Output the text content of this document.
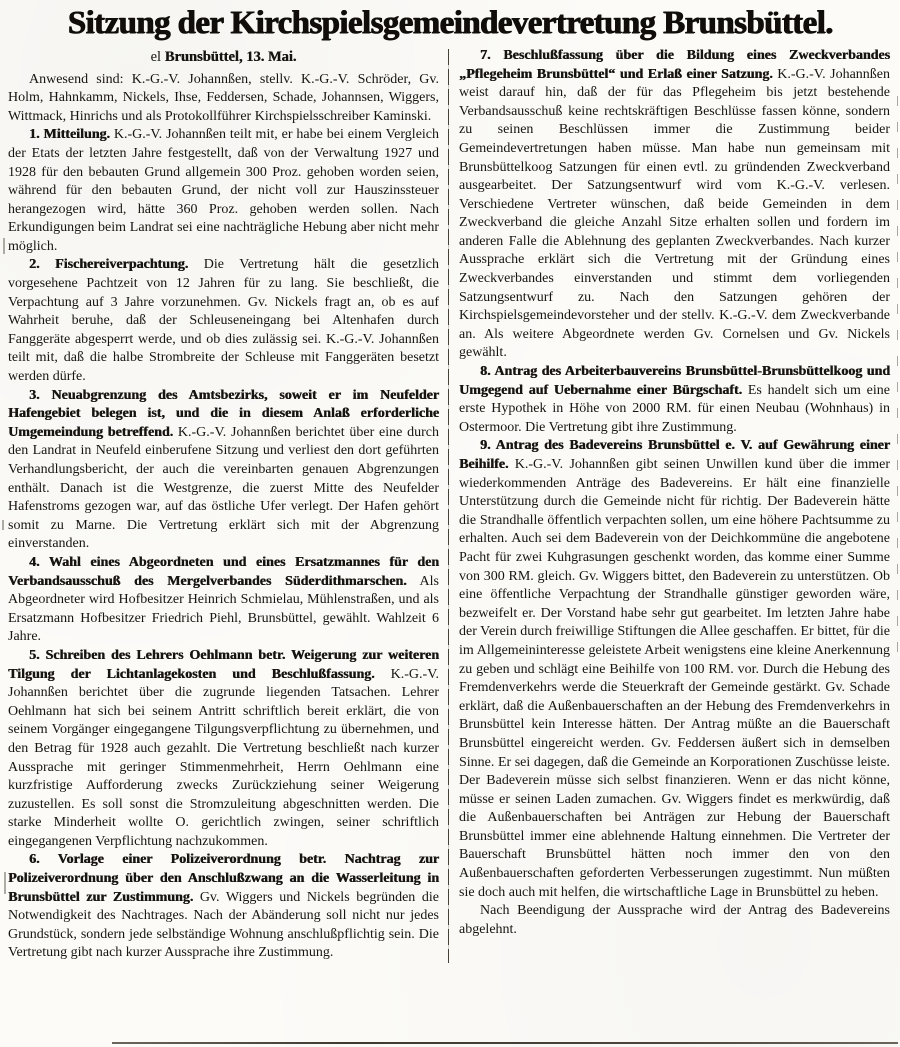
Sitzung der Kirchspielsgemeindevertretung Brunsbüttel.

el Brunsbüttel, 13. Mai.

Anwesend sind: K.-G.-V. Johannßen, stellv. K.-G.-V. Schröder, Gv. Holm, Hahnkamm, Nickels, Ihse, Feddersen, Schade, Johannsen, Wiggers, Wittmack, Hinrichs und als Protokollführer Kirchspielsschreiber Kaminski.

1. Mitteilung. K.-G.-V. Johannßen teilt mit, er habe bei einem Vergleich der Etats der letzten Jahre festgestellt, daß von der Verwaltung 1927 und 1928 für den bebauten Grund allgemein 300 Proz. gehoben worden seien, während für den bebauten Grund, der nicht voll zur Hauszinssteuer herangezogen wird, hätte 360 Proz. gehoben werden sollen. Nach Erkundigungen beim Landrat sei eine nachträgliche Hebung aber nicht mehr möglich.

2. Fischereiverpachtung. Die Vertretung hält die gesetzlich vorgesehene Pachtzeit von 12 Jahren für zu lang. Sie beschließt, die Verpachtung auf 3 Jahre vorzunehmen. Gv. Nickels fragt an, ob es auf Wahrheit beruhe, daß der Schleuseneingang bei Altenhafen durch Fanggeräte abgesperrt werde, und ob dies zulässig sei. K.-G.-V. Johannßen teilt mit, daß die halbe Strombreite der Schleuse mit Fanggeräten besetzt werden dürfe.

3. Neuabgrenzung des Amtsbezirks, soweit er im Neufelder Hafengebiet belegen ist, und die in diesem Anlaß erforderliche Umgemeindung betreffend. K.-G.-V. Johannßen berichtet über eine durch den Landrat in Neufeld einberufene Sitzung und verliest den dort geführten Verhandlungsbericht, der auch die vereinbarten genauen Abgrenzungen enthält. Danach ist die Westgrenze, die zuerst Mitte des Neufelder Hafenstroms gezogen war, auf das östliche Ufer verlegt. Der Hafen gehört somit zu Marne. Die Vertretung erklärt sich mit der Abgrenzung einverstanden.

4. Wahl eines Abgeordneten und eines Ersatzmannes für den Verbandsausschuß des Mergelverbandes Süderdithmarschen. Als Abgeordneter wird Hofbesitzer Heinrich Schmielau, Mühlenstraßen, und als Ersatzmann Hofbesitzer Friedrich Piehl, Brunsbüttel, gewählt. Wahlzeit 6 Jahre.

5. Schreiben des Lehrers Oehlmann betr. Weigerung zur weiteren Tilgung der Lichtanlagekosten und Beschlußfassung. K.-G.-V. Johannßen berichtet über die zugrunde liegenden Tatsachen. Lehrer Oehlmann hat sich bei seinem Antritt schriftlich bereit erklärt, die von seinem Vorgänger eingegangene Tilgungsverpflichtung zu übernehmen, und den Betrag für 1928 auch gezahlt. Die Vertretung beschließt nach kurzer Aussprache mit geringer Stimmenmehrheit, Herrn Oehlmann eine kurzfristige Aufforderung zwecks Zurückziehung seiner Weigerung zuzustellen. Es soll sonst die Stromzuleitung abgeschnitten werden. Die starke Minderheit wollte O. gerichtlich zwingen, seiner schriftlich eingegangenen Verpflichtung nachzukommen.

6. Vorlage einer Polizeiverordnung betr. Nachtrag zur Polizeiverordnung über den Anschlußzwang an die Wasserleitung in Brunsbüttel zur Zustimmung. Gv. Wiggers und Nickels begründen die Notwendigkeit des Nachtrages. Nach der Abänderung soll nicht nur jedes Grundstück, sondern jede selbständige Wohnung anschlußpflichtig sein. Die Vertretung gibt nach kurzer Aussprache ihre Zustimmung.

7. Beschlußfassung über die Bildung eines Zweckverbandes „Pflegeheim Brunsbüttel“ und Erlaß einer Satzung. K.-G.-V. Johannßen weist darauf hin, daß der für das Pflegeheim bis jetzt bestehende Verbandsausschuß keine rechtskräftigen Beschlüsse fassen könne, sondern zu seinen Beschlüssen immer die Zustimmung beider Gemeindevertretungen haben müsse. Man habe nun gemeinsam mit Brunsbüttelkoog Satzungen für einen evtl. zu gründenden Zweckverband ausgearbeitet. Der Satzungsentwurf wird vom K.-G.-V. verlesen. Verschiedene Vertreter wünschen, daß beide Gemeinden in dem Zweckverband die gleiche Anzahl Sitze erhalten sollen und fordern im anderen Falle die Ablehnung des geplanten Zweckverbandes. Nach kurzer Aussprache erklärt sich die Vertretung mit der Gründung eines Zweckverbandes einverstanden und stimmt dem vorliegenden Satzungsentwurf zu. Nach den Satzungen gehören der Kirchspielsgemeindevorsteher und der stellv. K.-G.-V. dem Zweckverbande an. Als weitere Abgeordnete werden Gv. Cornelsen und Gv. Nickels gewählt.

8. Antrag des Arbeiterbauvereins Brunsbüttel-Brunsbüttelkoog und Umgegend auf Uebernahme einer Bürgschaft. Es handelt sich um eine erste Hypothek in Höhe von 2000 RM. für einen Neubau (Wohnhaus) in Ostermoor. Die Vertretung gibt ihre Zustimmung.

9. Antrag des Badevereins Brunsbüttel e. V. auf Gewährung einer Beihilfe. K.-G.-V. Johannßen gibt seinen Unwillen kund über die immer wiederkommenden Anträge des Badevereins. Er hält eine finanzielle Unterstützung durch die Gemeinde nicht für richtig. Der Badeverein hätte die Strandhalle öffentlich verpachten sollen, um eine höhere Pachtsumme zu erhalten. Auch sei dem Badeverein von der Deichkommüne die angebotene Pacht für zwei Kuhgrasungen geschenkt worden, das komme einer Summe von 300 RM. gleich. Gv. Wiggers bittet, den Badeverein zu unterstützen. Ob eine öffentliche Verpachtung der Strandhalle günstiger geworden wäre, bezweifelt er. Der Vorstand habe sehr gut gearbeitet. Im letzten Jahre habe der Verein durch freiwillige Stiftungen die Allee geschaffen. Er bittet, für die im Allgemeininteresse geleistete Arbeit wenigstens eine kleine Anerkennung zu geben und schlägt eine Beihilfe von 100 RM. vor. Durch die Hebung des Fremdenverkehrs werde die Steuerkraft der Gemeinde gestärkt. Gv. Schade erklärt, daß die Außenbauerschaften an der Hebung des Fremdenverkehrs in Brunsbüttel kein Interesse hätten. Der Antrag müßte an die Bauerschaft Brunsbüttel eingereicht werden. Gv. Feddersen äußert sich in demselben Sinne. Er sei dagegen, daß die Gemeinde an Korporationen Zuschüsse leiste. Der Badeverein müsse sich selbst finanzieren. Wenn er das nicht könne, müsse er seinen Laden zumachen. Gv. Wiggers findet es merkwürdig, daß die Außenbauerschaften bei Anträgen zur Hebung der Bauerschaft Brunsbüttel immer eine ablehnende Haltung einnehmen. Die Vertreter der Bauerschaft Brunsbüttel hätten noch immer den von den Außenbauerschaften geforderten Verbesserungen zugestimmt. Nun müßten sie doch auch mit helfen, die wirtschaftliche Lage in Brunsbüttel zu heben.

Nach Beendigung der Aussprache wird der Antrag des Badevereins abgelehnt.
